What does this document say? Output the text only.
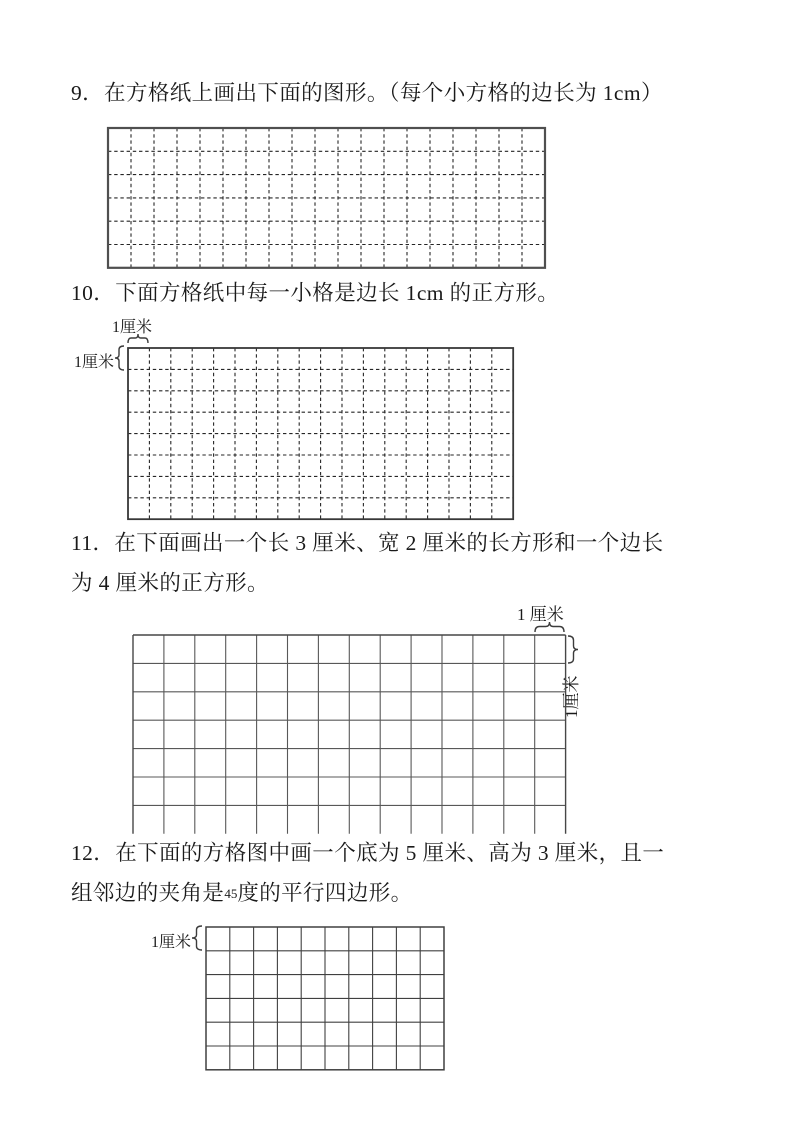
9．在方格纸上画出下面的图形。（每个小方格的边长为 1cm）
10．下面方格纸中每一小格是边长 1cm 的正方形。
1厘米
1厘米
11．在下面画出一个长 3 厘米、宽 2 厘米的长方形和一个边长
为 4 厘米的正方形。
1 厘米
1厘米
12．在下面的方格图中画一个底为 5 厘米、高为 3 厘米，且一
组邻边的夹角是45度的平行四边形。
1厘米
